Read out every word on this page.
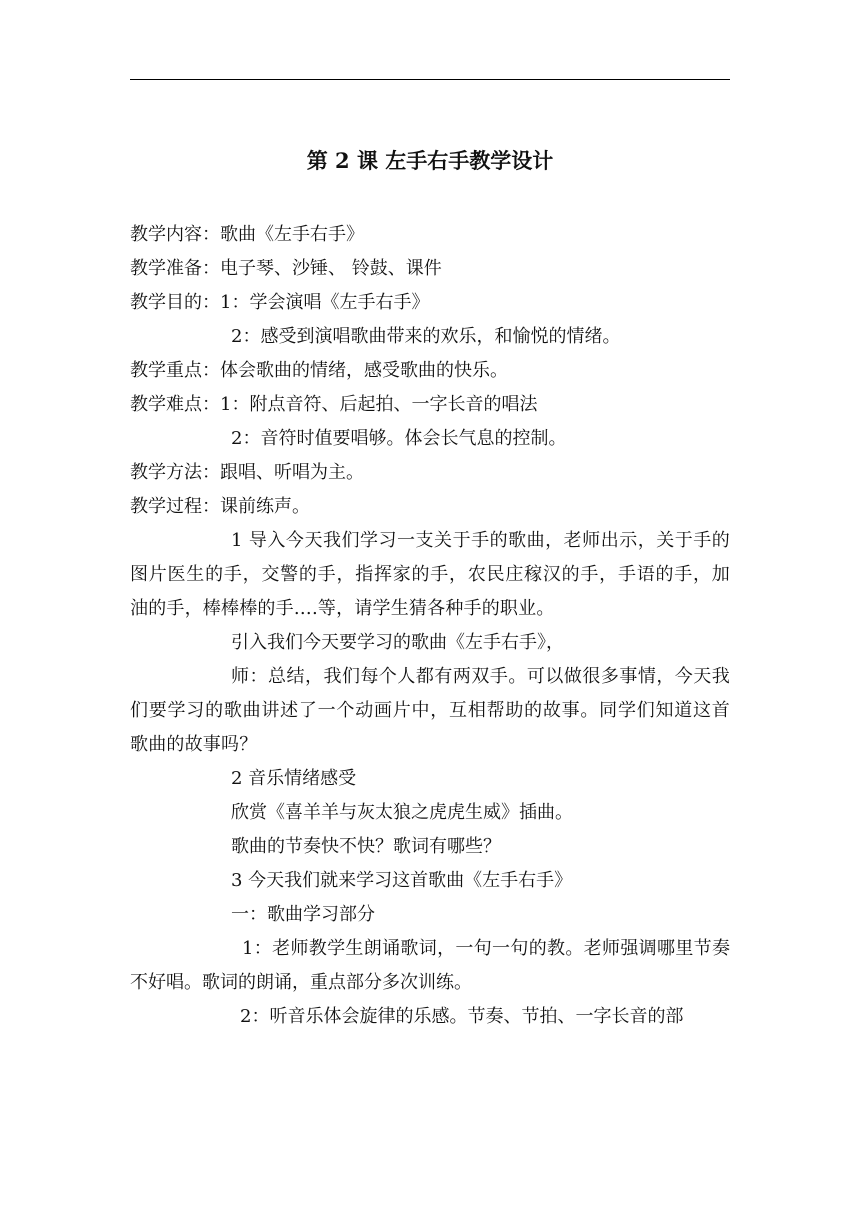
第 2 课 左手右手教学设计
教学内容：歌曲《左手右手》
教学准备：电子琴、沙锤、 铃鼓、课件
教学目的：1：学会演唱《左手右手》
2：感受到演唱歌曲带来的欢乐，和愉悦的情绪。
教学重点：体会歌曲的情绪，感受歌曲的快乐。
教学难点：1：附点音符、后起拍、一字长音的唱法
2：音符时值要唱够。体会长气息的控制。
教学方法：跟唱、听唱为主。
教学过程：课前练声。
1 导入今天我们学习一支关于手的歌曲，老师出示，关于手的图片医生的手，交警的手，指挥家的手，农民庄稼汉的手，手语的手，加油的手，棒棒棒的手….等，请学生猜各种手的职业。
引入我们今天要学习的歌曲《左手右手》，
师：总结，我们每个人都有两双手。可以做很多事情，今天我们要学习的歌曲讲述了一个动画片中，互相帮助的故事。同学们知道这首歌曲的故事吗？
2 音乐情绪感受
欣赏《喜羊羊与灰太狼之虎虎生威》插曲。
歌曲的节奏快不快？歌词有哪些？
3 今天我们就来学习这首歌曲《左手右手》
一：歌曲学习部分
1：老师教学生朗诵歌词，一句一句的教。老师强调哪里节奏不好唱。歌词的朗诵，重点部分多次训练。
2：听音乐体会旋律的乐感。节奏、节拍、一字长音的部
